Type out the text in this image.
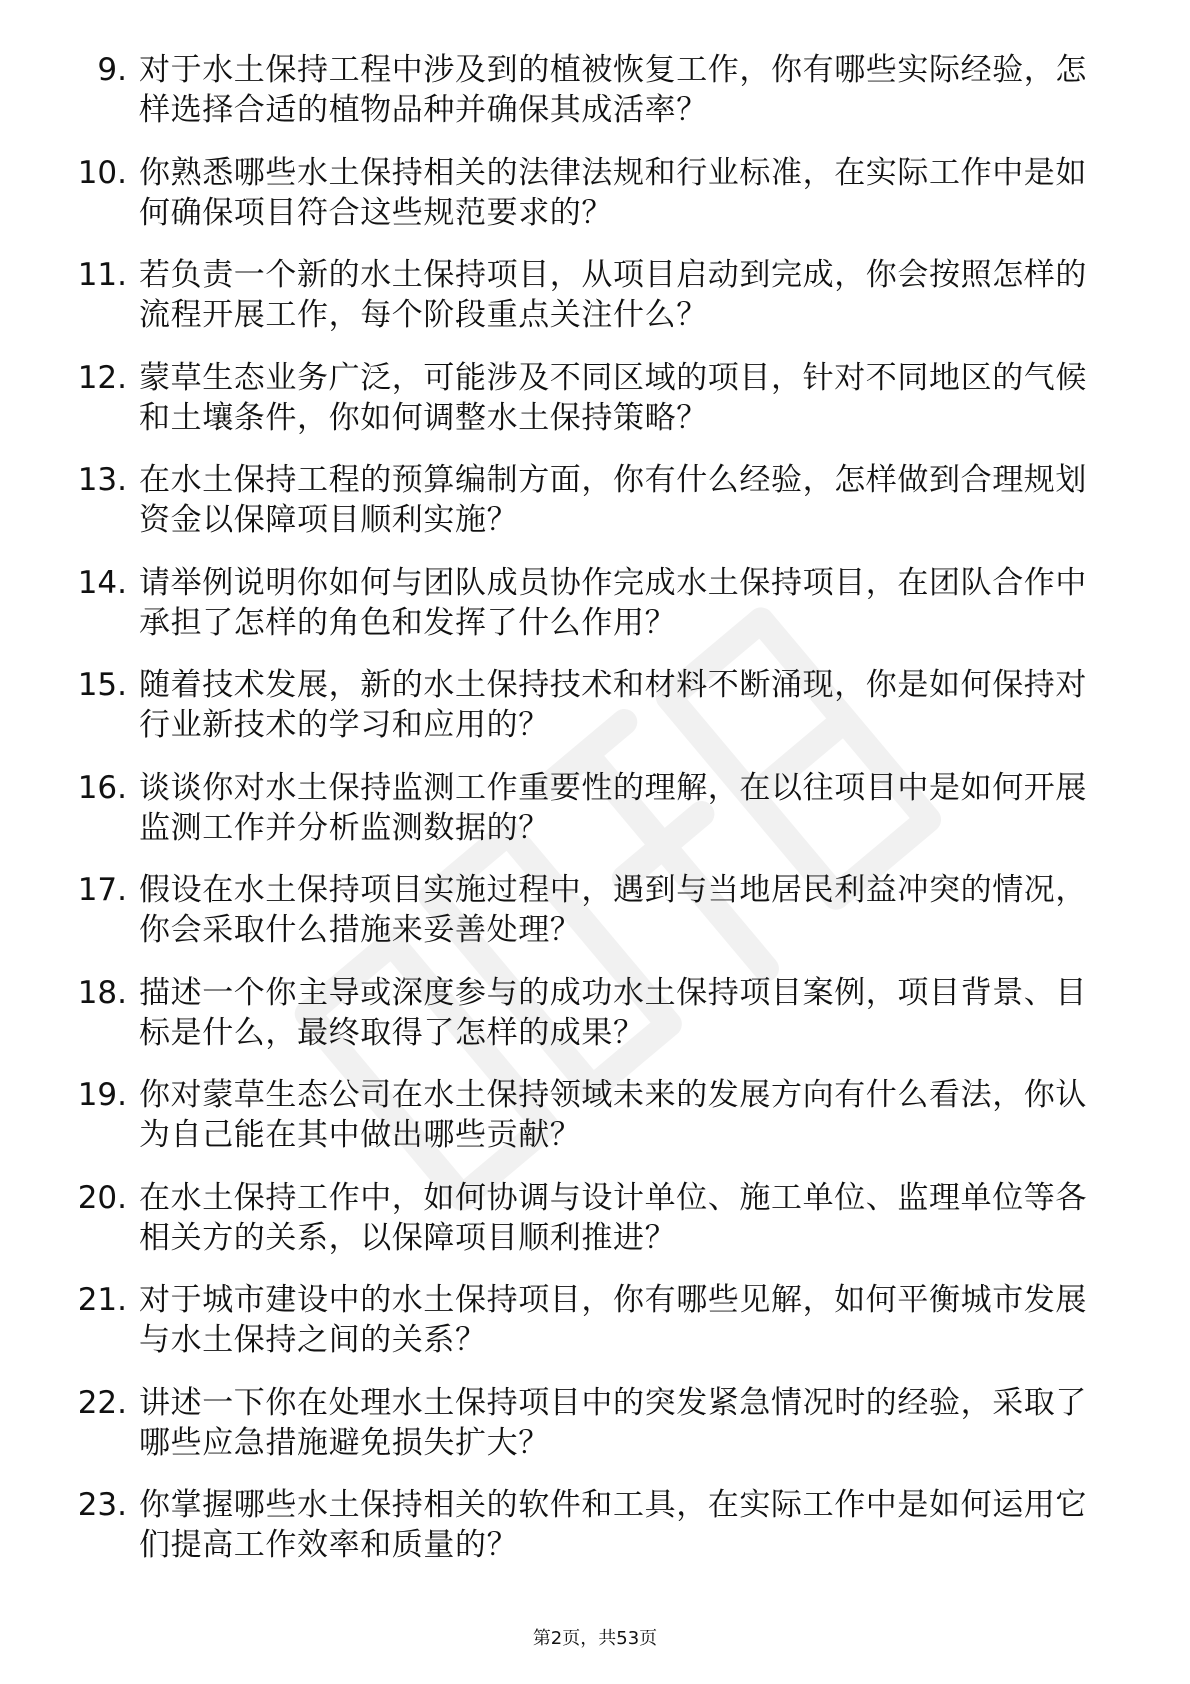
9. 对于水土保持工程中涉及到的植被恢复工作，你有哪些实际经验，怎样选择合适的植物品种并确保其成活率？
10. 你熟悉哪些水土保持相关的法律法规和行业标准，在实际工作中是如何确保项目符合这些规范要求的？
11. 若负责一个新的水土保持项目，从项目启动到完成，你会按照怎样的流程开展工作，每个阶段重点关注什么？
12. 蒙草生态业务广泛，可能涉及不同区域的项目，针对不同地区的气候和土壤条件，你如何调整水土保持策略？
13. 在水土保持工程的预算编制方面，你有什么经验，怎样做到合理规划资金以保障项目顺利实施？
14. 请举例说明你如何与团队成员协作完成水土保持项目，在团队合作中承担了怎样的角色和发挥了什么作用？
15. 随着技术发展，新的水土保持技术和材料不断涌现，你是如何保持对行业新技术的学习和应用的？
16. 谈谈你对水土保持监测工作重要性的理解，在以往项目中是如何开展监测工作并分析监测数据的？
17. 假设在水土保持项目实施过程中，遇到与当地居民利益冲突的情况，你会采取什么措施来妥善处理？
18. 描述一个你主导或深度参与的成功水土保持项目案例，项目背景、目标是什么，最终取得了怎样的成果？
19. 你对蒙草生态公司在水土保持领域未来的发展方向有什么看法，你认为自己能在其中做出哪些贡献？
20. 在水土保持工作中，如何协调与设计单位、施工单位、监理单位等各相关方的关系，以保障项目顺利推进？
21. 对于城市建设中的水土保持项目，你有哪些见解，如何平衡城市发展与水土保持之间的关系？
22. 讲述一下你在处理水土保持项目中的突发紧急情况时的经验，采取了哪些应急措施避免损失扩大？
23. 你掌握哪些水土保持相关的软件和工具，在实际工作中是如何运用它们提高工作效率和质量的？
第2页，共53页
